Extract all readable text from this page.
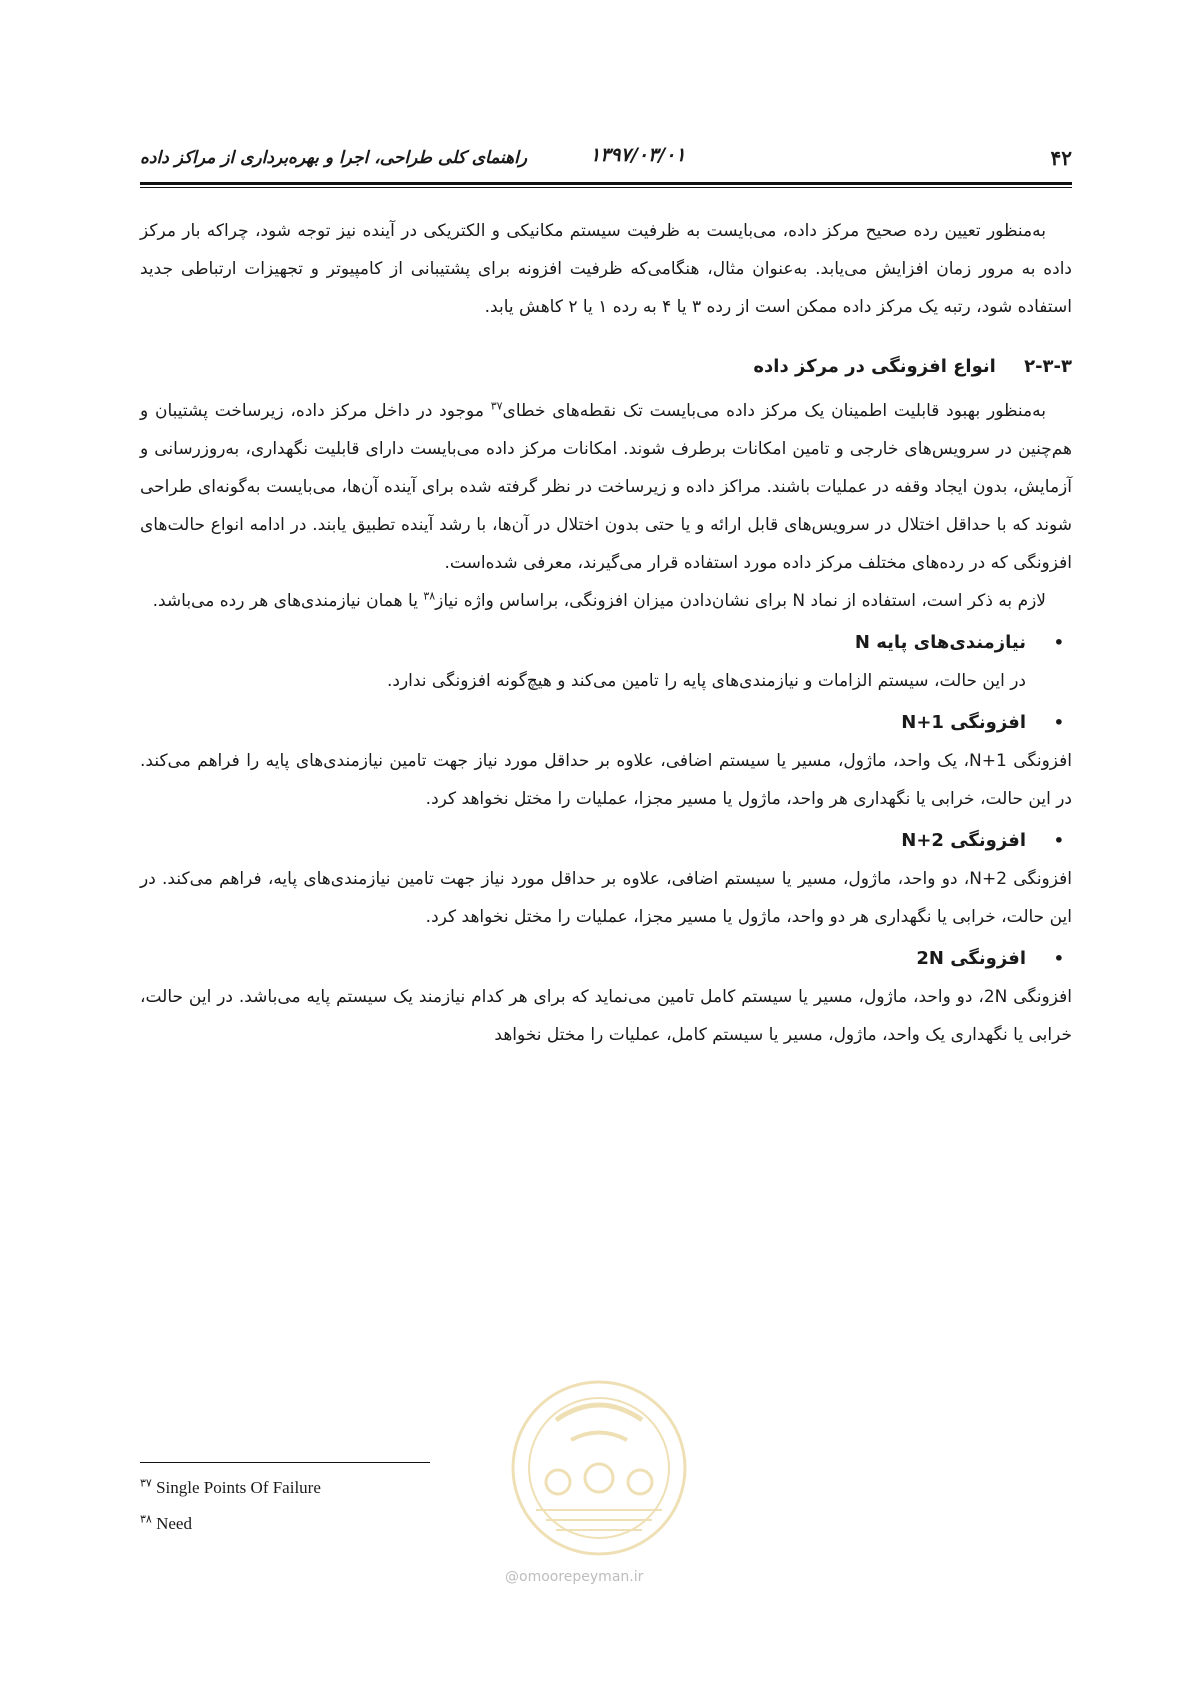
۴۲
۱۳۹۷/۰۳/۰۱
راهنمای کلی طراحی، اجرا و بهره‌برداری از مراکز داده

به‌منظور تعیین رده صحیح مرکز داده، می‌بایست به ظرفیت سیستم مکانیکی و الکتریکی در آینده نیز توجه شود، چراکه بار مرکز داده به مرور زمان افزایش می‌یابد. به‌عنوان مثال، هنگامی‌که ظرفیت افزونه برای پشتیبانی از کامپیوتر و تجهیزات ارتباطی جدید استفاده شود، رتبه یک مرکز داده ممکن است از رده ۳ یا ۴ به رده ۱ یا ۲ کاهش یابد.

۲-۳-۳ انواع افزونگی در مرکز داده

به‌منظور بهبود قابلیت اطمینان یک مرکز داده می‌بایست تک نقطه‌های خطای$^{۳۷}$ موجود در داخل مرکز داده، زیرساخت پشتیبان و هم‌چنین در سرویس‌های خارجی و تامین امکانات برطرف شوند. امکانات مرکز داده می‌بایست دارای قابلیت نگهداری، به‌روزرسانی و آزمایش، بدون ایجاد وقفه در عملیات باشند. مراکز داده و زیرساخت در نظر گرفته شده برای آینده آن‌ها، می‌بایست به‌گونه‌ای طراحی شوند که با حداقل اختلال در سرویس‌های قابل ارائه و یا حتی بدون اختلال در آن‌ها، با رشد آینده تطبیق یابند. در ادامه انواع حالت‌های افزونگی که در رده‌های مختلف مرکز داده مورد استفاده قرار می‌گیرند، معرفی شده‌است.

لازم به ذکر است، استفاده از نماد N برای نشان‌دادن میزان افزونگی، براساس واژه نیاز$^{۳۸}$ یا همان نیازمندی‌های هر رده می‌باشد.

•
نیازمندی‌های پایه N

در این حالت، سیستم الزامات و نیازمندی‌های پایه را تامین می‌کند و هیچ‌گونه افزونگی ندارد.

•
افزونگی N+1

افزونگی N+1، یک واحد، ماژول، مسیر یا سیستم اضافی، علاوه بر حداقل مورد نیاز جهت تامین نیازمندی‌های پایه را فراهم می‌کند. در این حالت، خرابی یا نگهداری هر واحد، ماژول یا مسیر مجزا، عملیات را مختل نخواهد کرد.

•
افزونگی N+2

افزونگی N+2، دو واحد، ماژول، مسیر یا سیستم اضافی، علاوه بر حداقل مورد نیاز جهت تامین نیازمندی‌های پایه، فراهم می‌کند. در این حالت، خرابی یا نگهداری هر دو واحد، ماژول یا مسیر مجزا، عملیات را مختل نخواهد کرد.

•
افزونگی 2N

افزونگی 2N، دو واحد، ماژول، مسیر یا سیستم کامل تامین می‌نماید که برای هر کدام نیازمند یک سیستم پایه می‌باشد. در این حالت، خرابی یا نگهداری یک واحد، ماژول، مسیر یا سیستم کامل، عملیات را مختل نخواهد

@omoorepeyman.ir
$^{۳۷}$ Single Points Of Failure
$^{۳۸}$ Need
